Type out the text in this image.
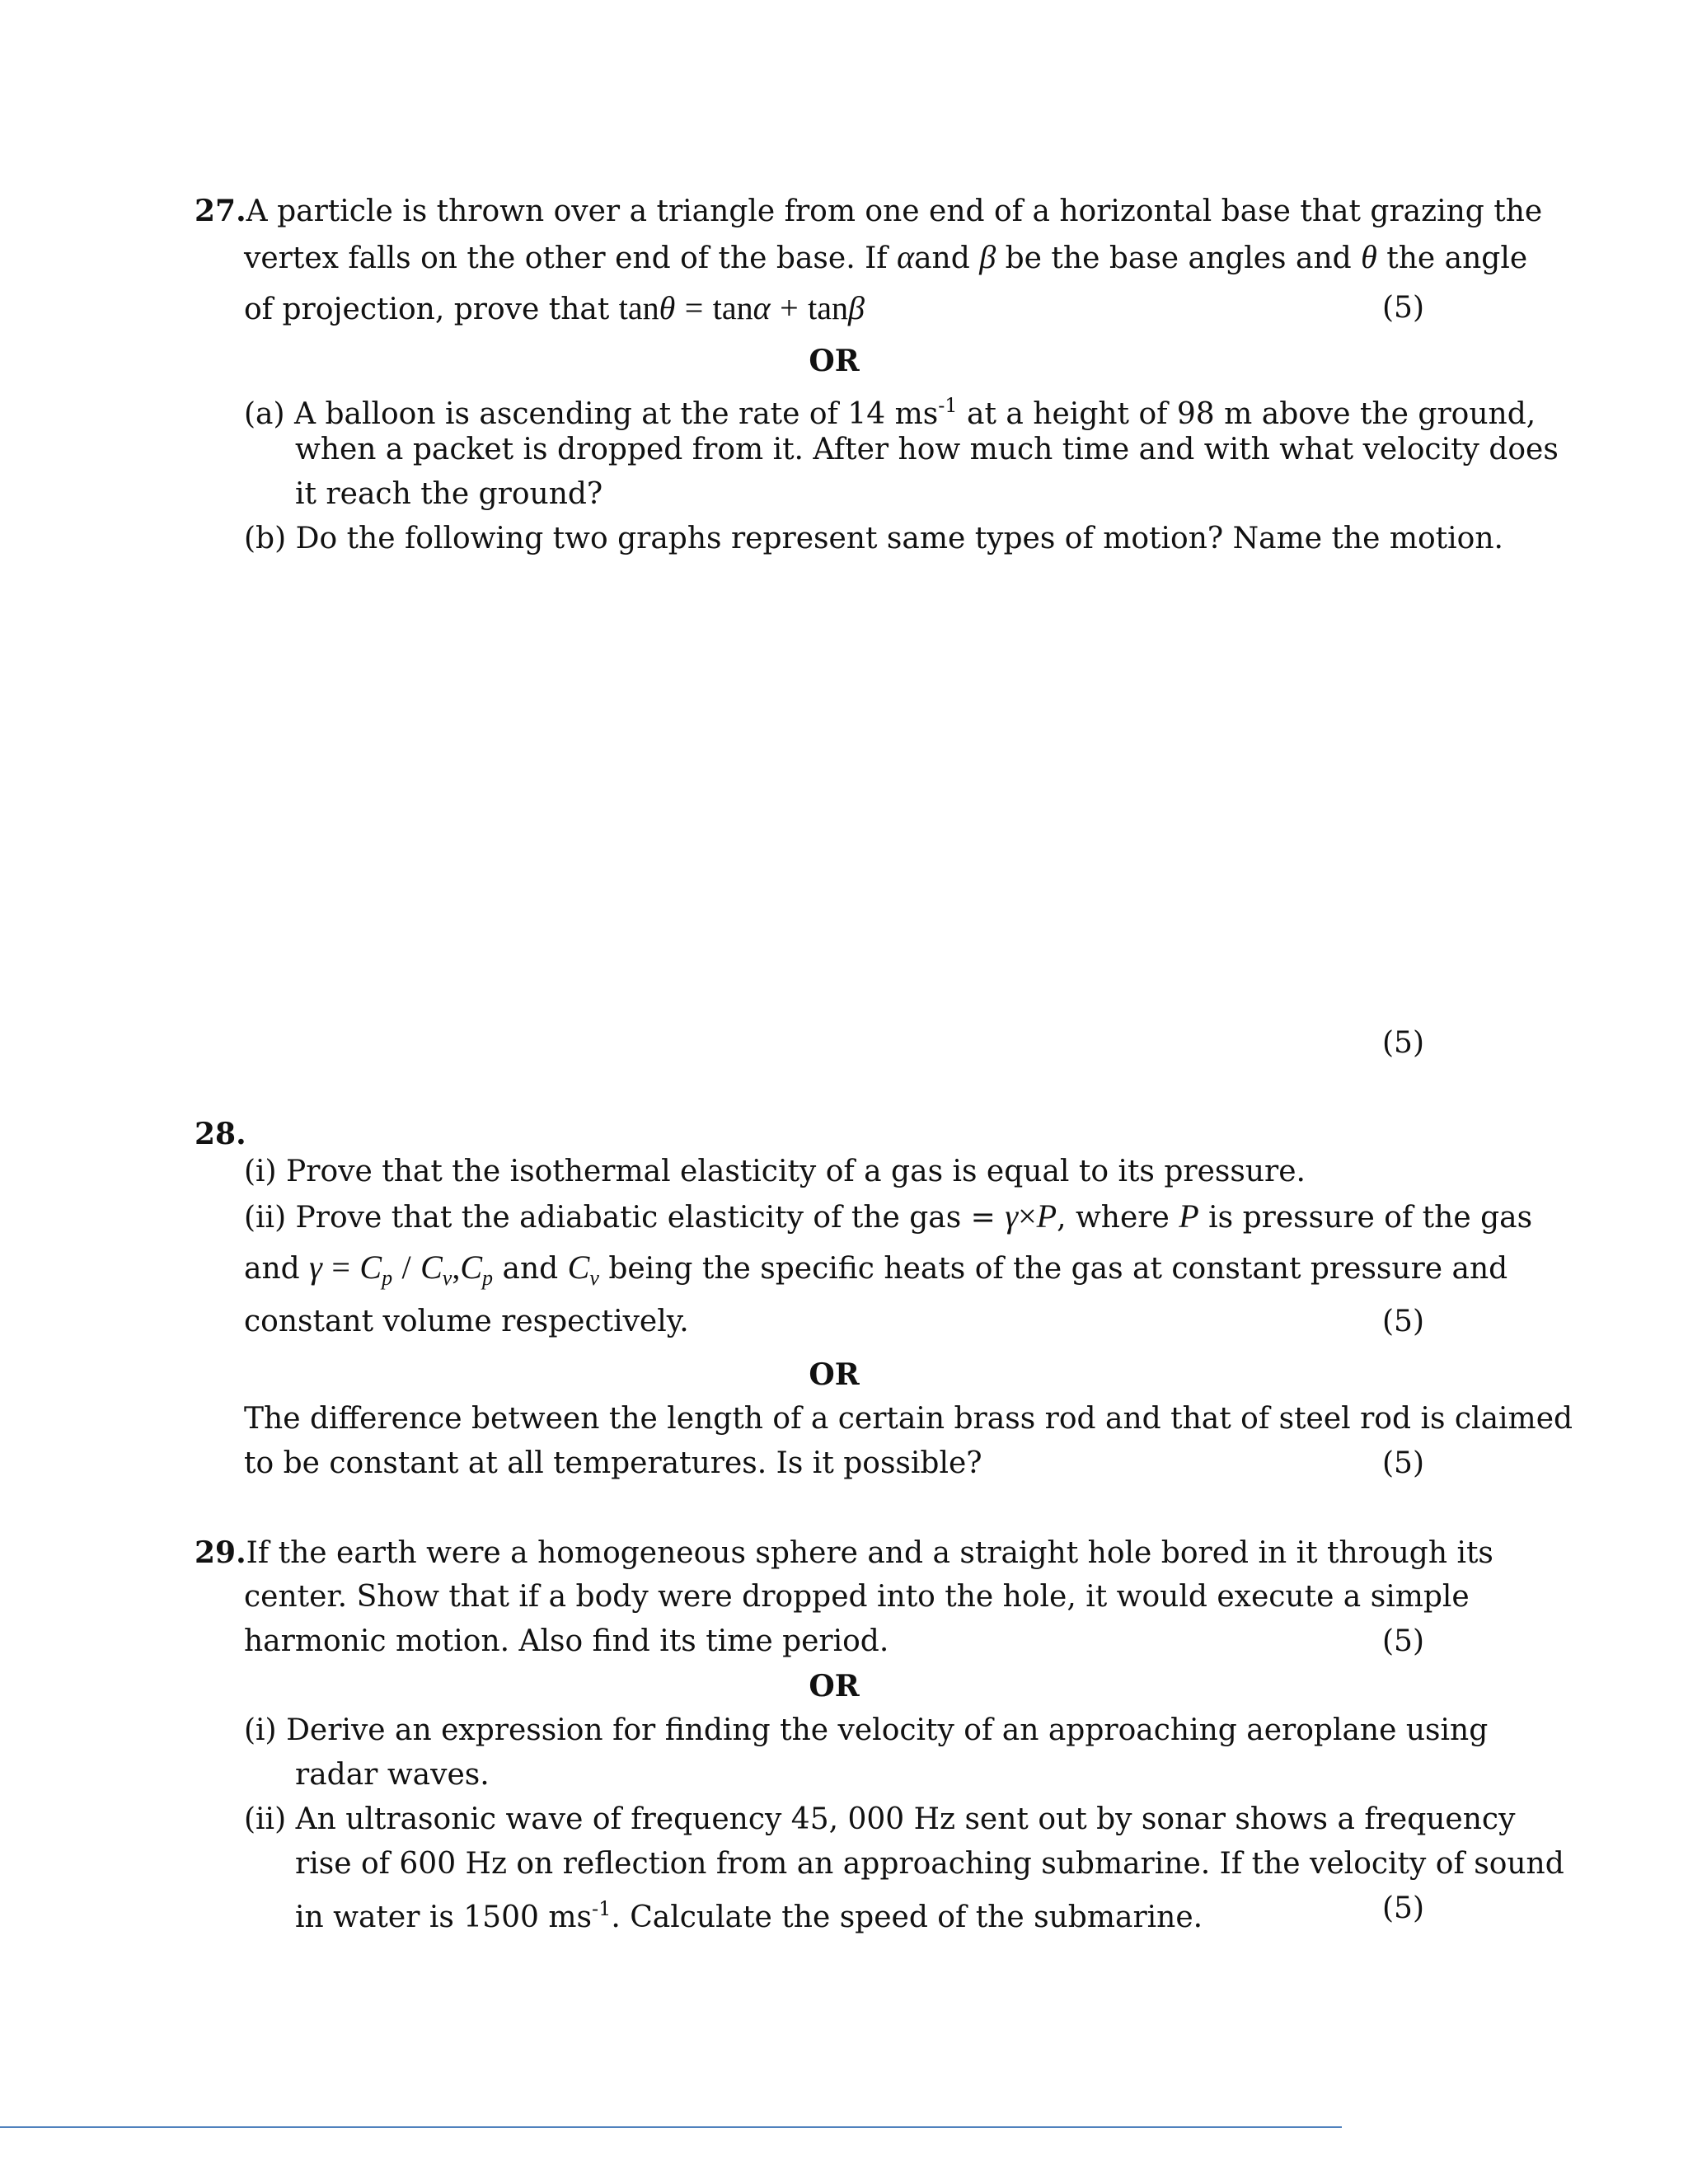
27.A particle is thrown over a triangle from one end of a horizontal base that grazing the
vertex falls on the other end of the base. If αand β be the base angles and θ the angle
of projection, prove that tanθ = tanα + tanβ	(5)
OR
(a) A balloon is ascending at the rate of 14 $ms^{-1}$ at a height of 98 m above the ground,
when a packet is dropped from it. After how much time and with what velocity does
it reach the ground?
(b) Do the following two graphs represent same types of motion? Name the motion.
(5)
28.
(i) Prove that the isothermal elasticity of a gas is equal to its pressure.
(ii) Prove that the adiabatic elasticity of the gas = γ×P, where P is pressure of the gas
and $\gamma = C_p / C_v,C_p$ and $C_v$ being the specific heats of the gas at constant pressure and
constant volume respectively.	(5)
OR
The difference between the length of a certain brass rod and that of steel rod is claimed
to be constant at all temperatures. Is it possible?	(5)
29.If the earth were a homogeneous sphere and a straight hole bored in it through its
center. Show that if a body were dropped into the hole, it would execute a simple
harmonic motion. Also find its time period.	(5)
OR
(i) Derive an expression for finding the velocity of an approaching aeroplane using
radar waves.
(ii) An ultrasonic wave of frequency 45, 000 Hz sent out by sonar shows a frequency
rise of 600 Hz on reflection from an approaching submarine. If the velocity of sound
in water is 1500 $ms^{-1}$. Calculate the speed of the submarine.	(5)
